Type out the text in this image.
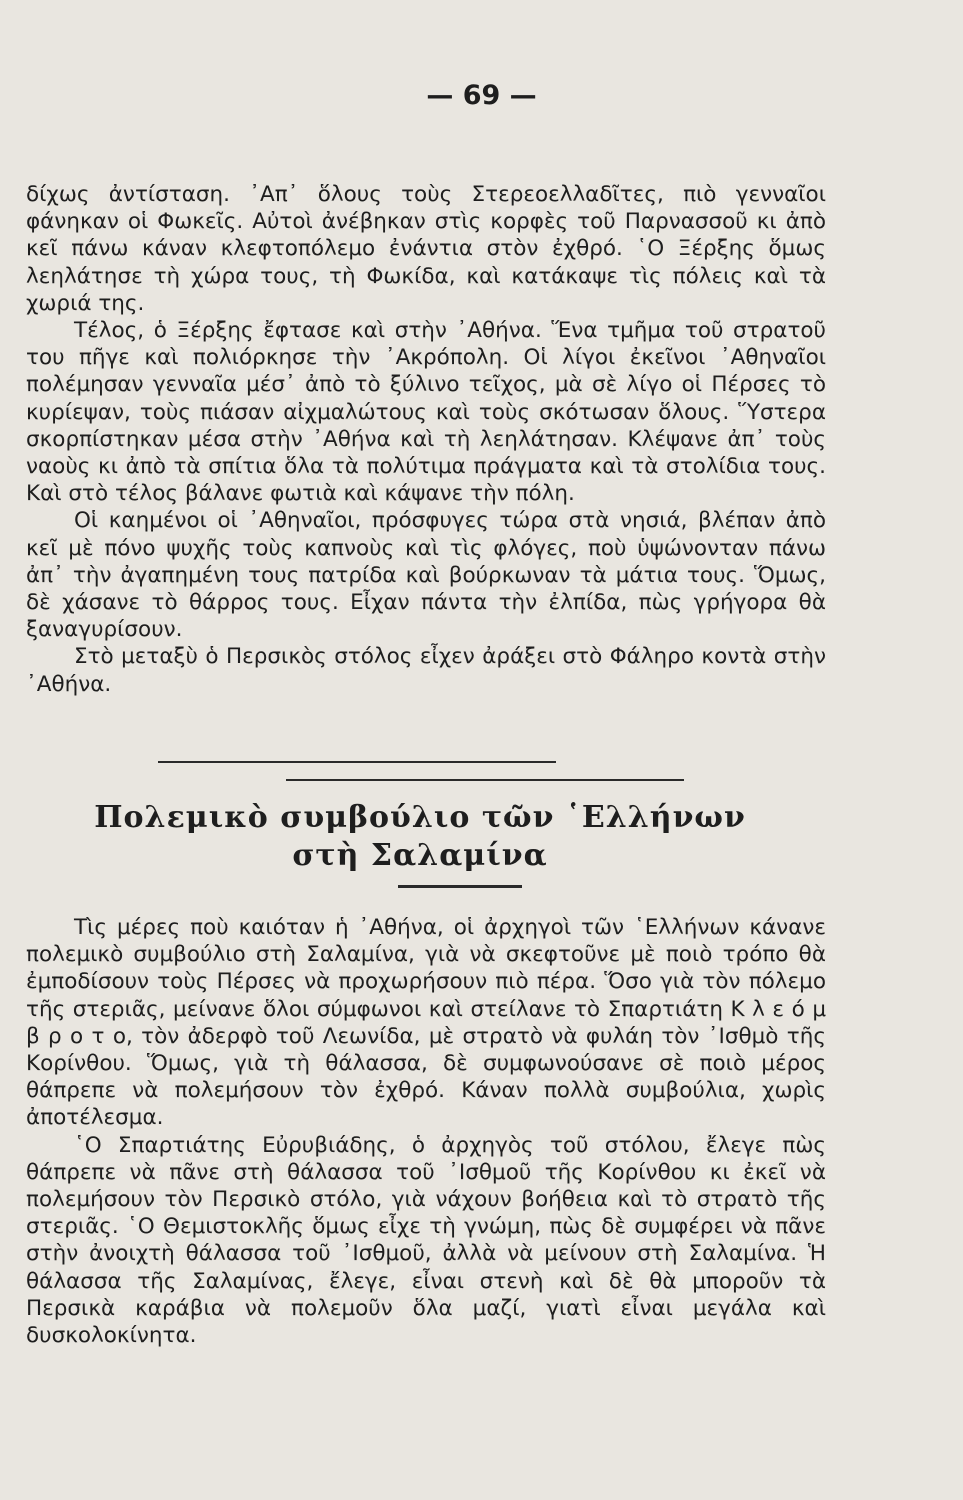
— 69 —

δίχως ἀντίσταση. ᾿Απ᾿ ὅλους τοὺς Στερεοελλαδῖτες, πιὸ γενναῖοι φάνηκαν οἱ Φωκεῖς. Αὐτοὶ ἀνέβηκαν στὶς κορφὲς τοῦ Παρνασσοῦ κι ἀπὸ κεῖ πάνω κάναν κλεφτοπόλεμο ἐνάντια στὸν ἐχθρό. ῾Ο Ξέρξης ὅμως λεηλάτησε τὴ χώρα τους, τὴ Φωκίδα, καὶ κατάκαψε τὶς πόλεις καὶ τὰ χωριά της.

Τέλος, ὁ Ξέρξης ἔφτασε καὶ στὴν ᾿Αθήνα. Ἕνα τμῆμα τοῦ στρατοῦ του πῆγε καὶ πολιόρκησε τὴν ᾿Ακρόπολη. Οἱ λίγοι ἐκεῖνοι ᾿Αθηναῖοι πολέμησαν γενναῖα μέσ᾿ ἀπὸ τὸ ξύλινο τεῖχος, μὰ σὲ λίγο οἱ Πέρσες τὸ κυρίεψαν, τοὺς πιάσαν αἰχμαλώτους καὶ τοὺς σκότωσαν ὅλους. Ὕστερα σκορπίστηκαν μέσα στὴν ᾿Αθήνα καὶ τὴ λεηλάτησαν. Κλέψανε ἀπ᾿ τοὺς ναοὺς κι ἀπὸ τὰ σπίτια ὅλα τὰ πολύτιμα πράγματα καὶ τὰ στολίδια τους. Καὶ στὸ τέλος βάλανε φωτιὰ καὶ κάψανε τὴν πόλη.

Οἱ καημένοι οἱ ᾿Αθηναῖοι, πρόσφυγες τώρα στὰ νησιά, βλέπαν ἀπὸ κεῖ μὲ πόνο ψυχῆς τοὺς καπνοὺς καὶ τὶς φλόγες, ποὺ ὑψώνονταν πάνω ἀπ᾿ τὴν ἀγαπημένη τους πατρίδα καὶ βούρκωναν τὰ μάτια τους. Ὅμως, δὲ χάσανε τὸ θάρρος τους. Εἶχαν πάντα τὴν ἐλπίδα, πὼς γρήγορα θὰ ξαναγυρίσουν.

Στὸ μεταξὺ ὁ Περσικὸς στόλος εἶχεν ἀράξει στὸ Φάληρο κοντὰ στὴν ᾿Αθήνα.

Πολεμικὸ συμβούλιο τῶν ῾Ελλήνων
στὴ Σαλαμίνα

Τὶς μέρες ποὺ καιόταν ἡ ᾿Αθήνα, οἱ ἀρχηγοὶ τῶν ῾Ελλήνων κάνανε πολεμικὸ συμβούλιο στὴ Σαλαμίνα, γιὰ νὰ σκεφτοῦνε μὲ ποιὸ τρόπο θὰ ἐμποδίσουν τοὺς Πέρσες νὰ προχωρήσουν πιὸ πέρα. Ὅσο γιὰ τὸν πόλεμο τῆς στεριᾶς, μείνανε ὅλοι σύμφωνοι καὶ στείλανε τὸ Σπαρτιάτη Κ λ ε ό μ β ρ ο τ ο, τὸν ἀδερφὸ τοῦ Λεωνίδα, μὲ στρατὸ νὰ φυλάη τὸν ᾿Ισθμὸ τῆς Κορίνθου. Ὅμως, γιὰ τὴ θάλασσα, δὲ συμφωνούσανε σὲ ποιὸ μέρος θάπρεπε νὰ πολεμήσουν τὸν ἐχθρό. Κάναν πολλὰ συμβούλια, χωρὶς ἀποτέλεσμα.

῾Ο Σπαρτιάτης Εὐρυβιάδης, ὁ ἀρχηγὸς τοῦ στόλου, ἔλεγε πὼς θάπρεπε νὰ πᾶνε στὴ θάλασσα τοῦ ᾿Ισθμοῦ τῆς Κορίνθου κι ἐκεῖ νὰ πολεμήσουν τὸν Περσικὸ στόλο, γιὰ νάχουν βοήθεια καὶ τὸ στρατὸ τῆς στεριᾶς. ῾Ο Θεμιστοκλῆς ὅμως εἶχε τὴ γνώμη, πὼς δὲ συμφέρει νὰ πᾶνε στὴν ἀνοιχτὴ θάλασσα τοῦ ᾿Ισθμοῦ, ἀλλὰ νὰ μείνουν στὴ Σαλαμίνα. Ἡ θάλασσα τῆς Σαλαμίνας, ἔλεγε, εἶναι στενὴ καὶ δὲ θὰ μποροῦν τὰ Περσικὰ καράβια νὰ πολεμοῦν ὅλα μαζί, γιατὶ εἶναι μεγάλα καὶ δυσκολοκίνητα.
